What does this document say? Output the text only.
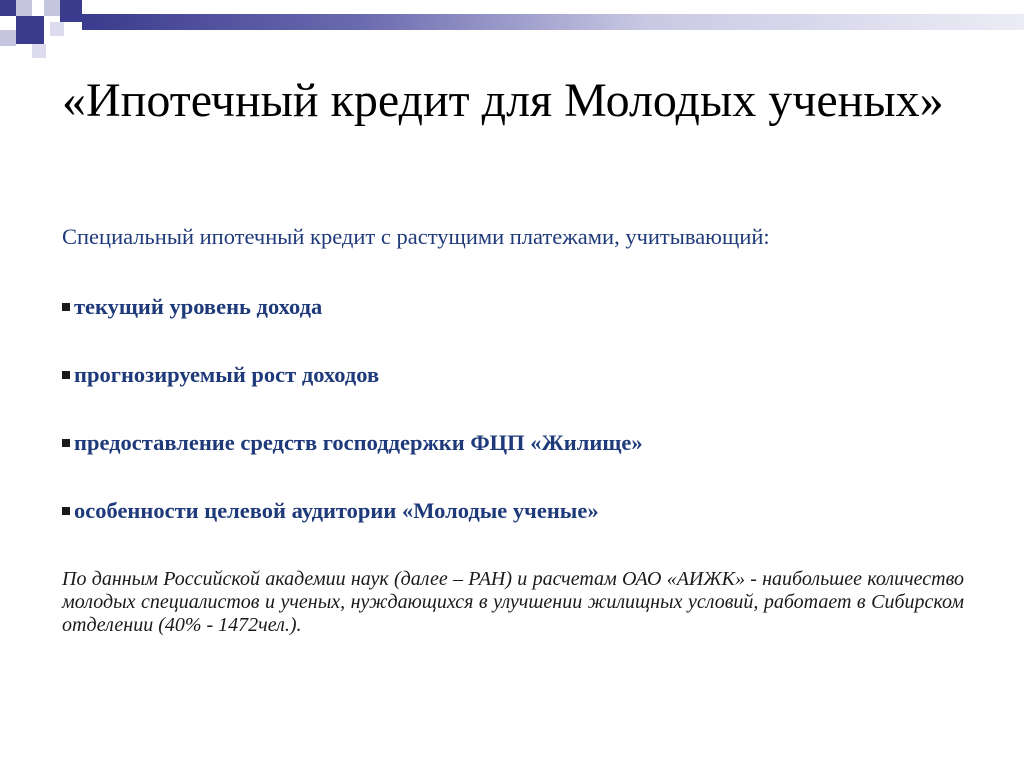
«Ипотечный кредит для Молодых ученых»
Специальный ипотечный кредит с растущими платежами, учитывающий:
текущий уровень дохода
прогнозируемый рост доходов
предоставление средств господдержки ФЦП «Жилище»
особенности целевой аудитории «Молодые ученые»
По данным Российской академии наук (далее – РАН) и расчетам ОАО «АИЖК» - наибольшее количество молодых специалистов и ученых, нуждающихся в улучшении жилищных условий, работает в Сибирском отделении (40% - 1472чел.).
